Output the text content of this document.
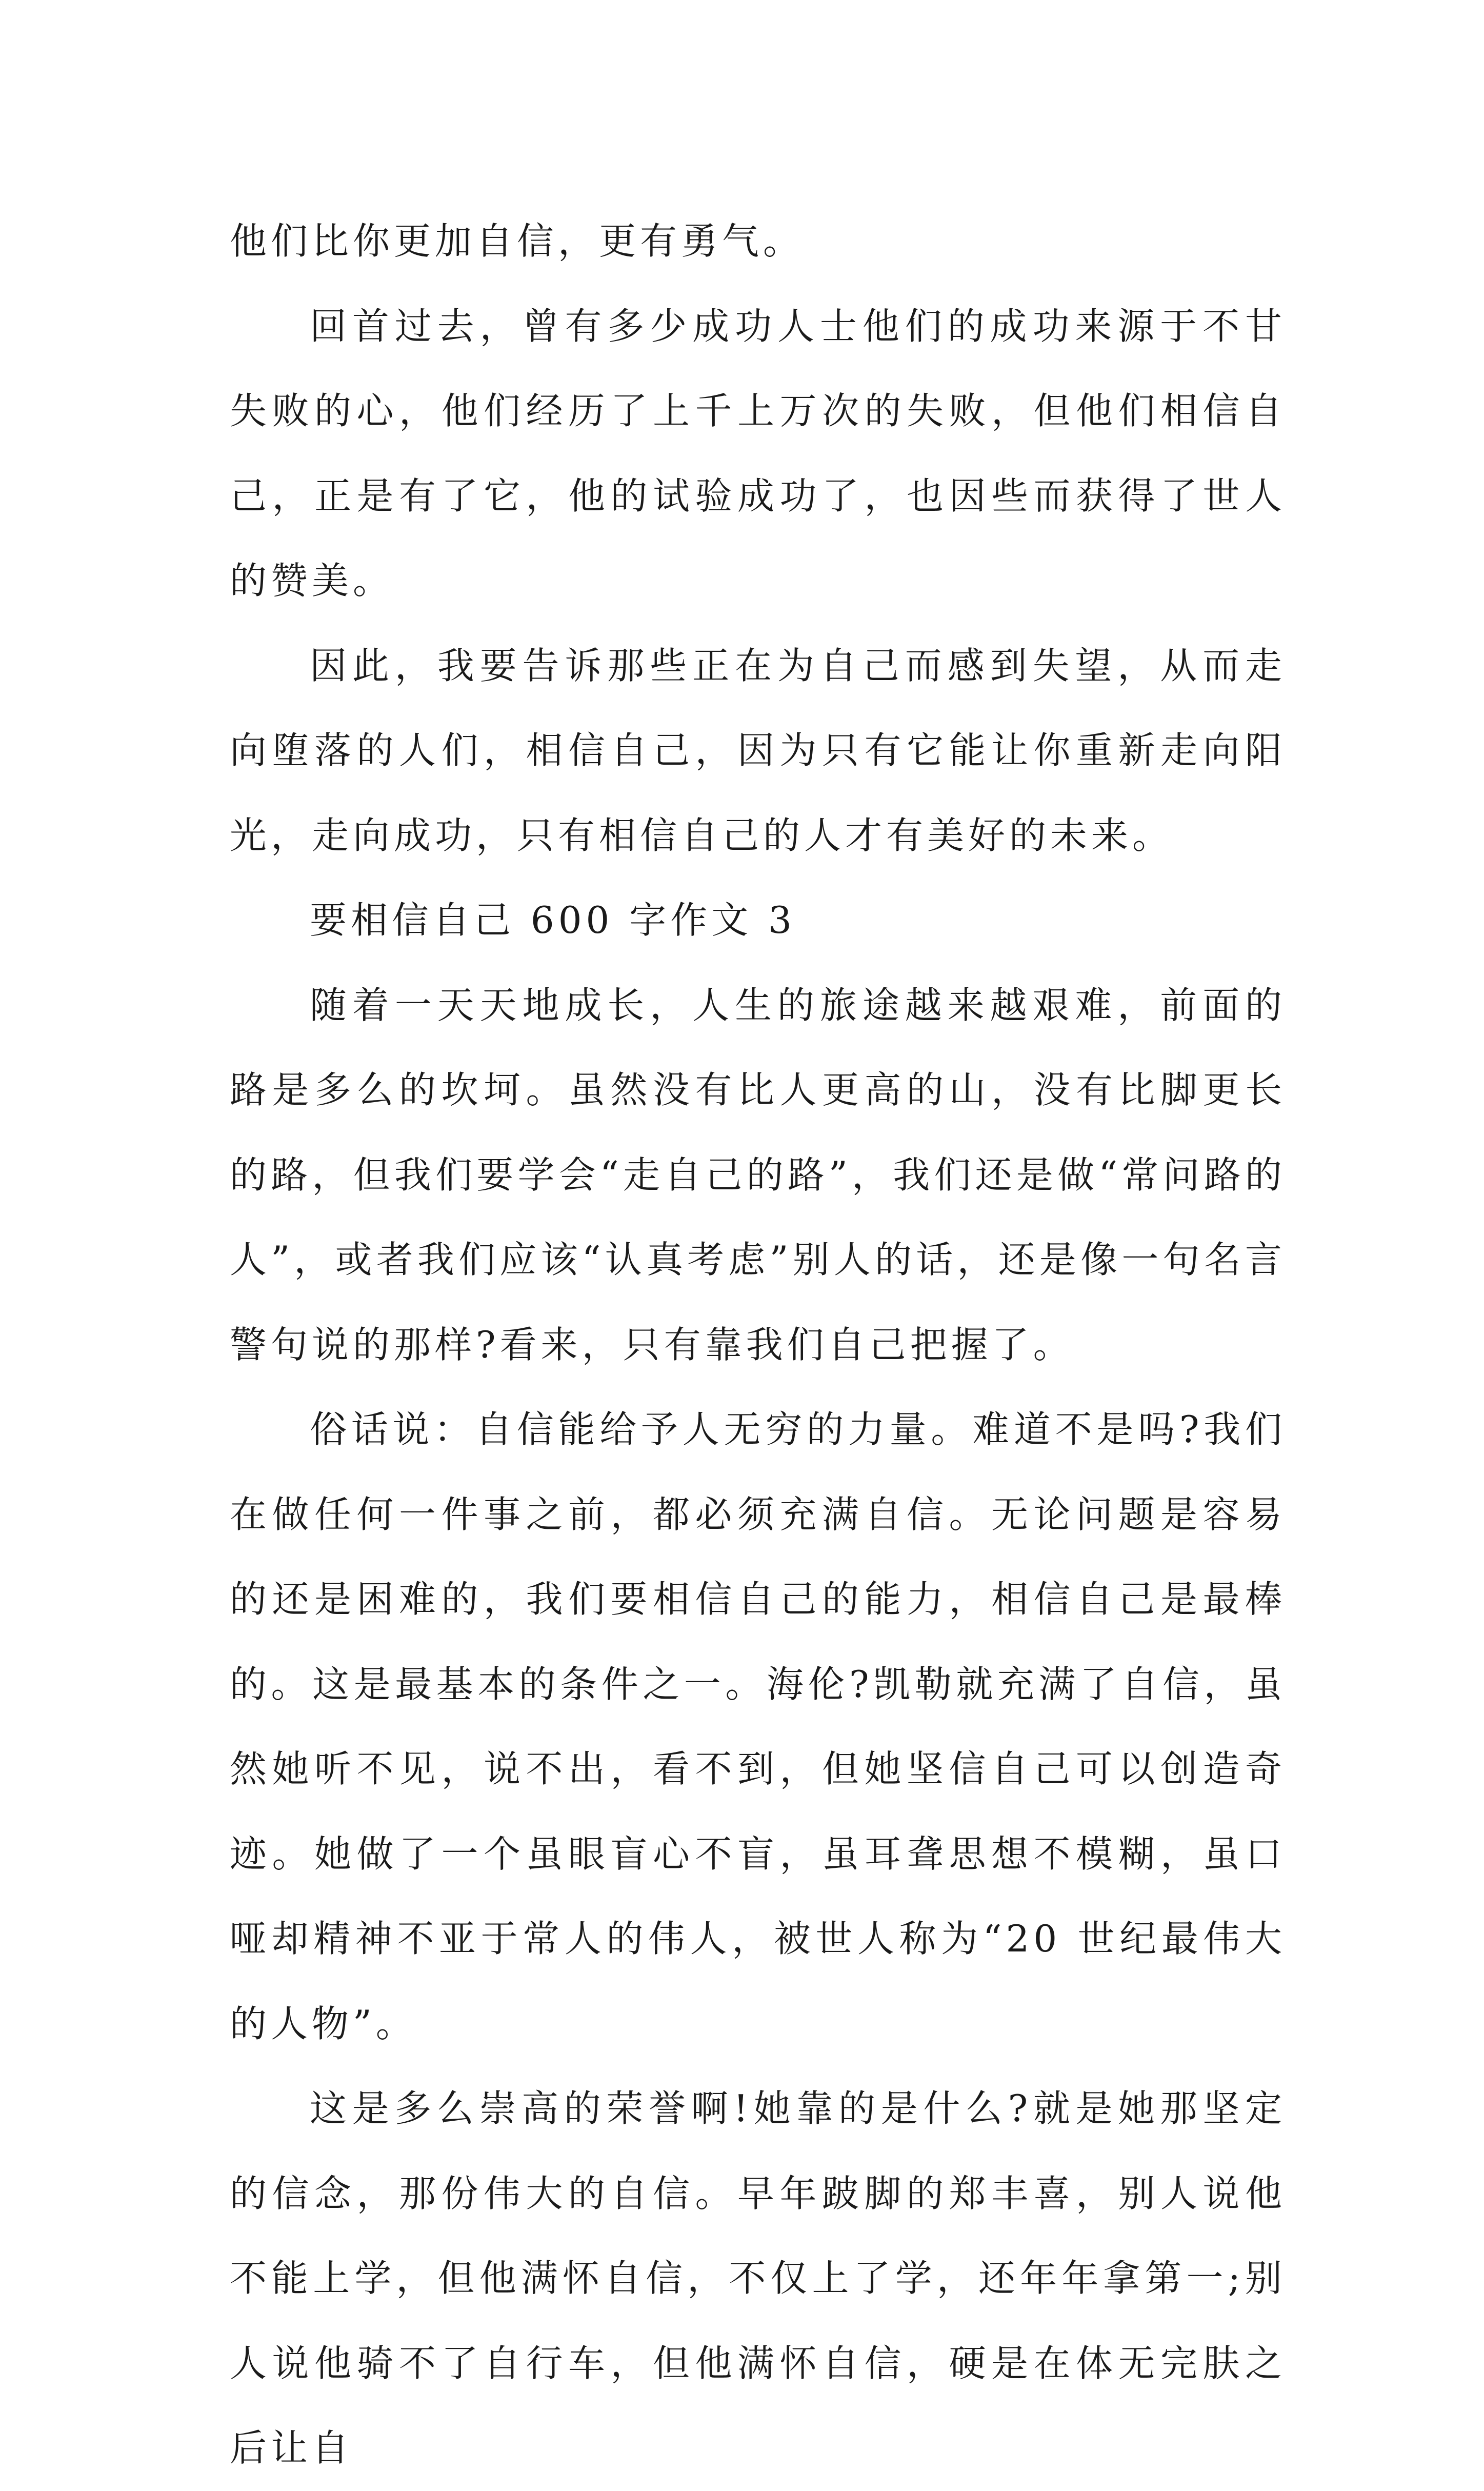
他们比你更加自信，更有勇气。

回首过去，曾有多少成功人士他们的成功来源于不甘失败的心，他们经历了上千上万次的失败，但他们相信自己，正是有了它，他的试验成功了，也因些而获得了世人的赞美。

因此，我要告诉那些正在为自己而感到失望，从而走向堕落的人们，相信自己，因为只有它能让你重新走向阳光，走向成功，只有相信自己的人才有美好的未来。

要相信自己 600 字作文 3

随着一天天地成长，人生的旅途越来越艰难，前面的路是多么的坎坷。虽然没有比人更高的山，没有比脚更长的路，但我们要学会“走自己的路”，我们还是做“常问路的人”，或者我们应该“认真考虑”别人的话，还是像一句名言警句说的那样?看来，只有靠我们自己把握了。

俗话说：自信能给予人无穷的力量。难道不是吗?我们在做任何一件事之前，都必须充满自信。无论问题是容易的还是困难的，我们要相信自己的能力，相信自己是最棒的。这是最基本的条件之一。海伦?凯勒就充满了自信，虽然她听不见，说不出，看不到，但她坚信自己可以创造奇迹。她做了一个虽眼盲心不盲，虽耳聋思想不模糊，虽口哑却精神不亚于常人的伟人，被世人称为“20 世纪最伟大的人物”。

这是多么崇高的荣誉啊!她靠的是什么?就是她那坚定的信念，那份伟大的自信。早年跛脚的郑丰喜，别人说他不能上学，但他满怀自信，不仅上了学，还年年拿第一;别人说他骑不了自行车，但他满怀自信，硬是在体无完肤之后让自
